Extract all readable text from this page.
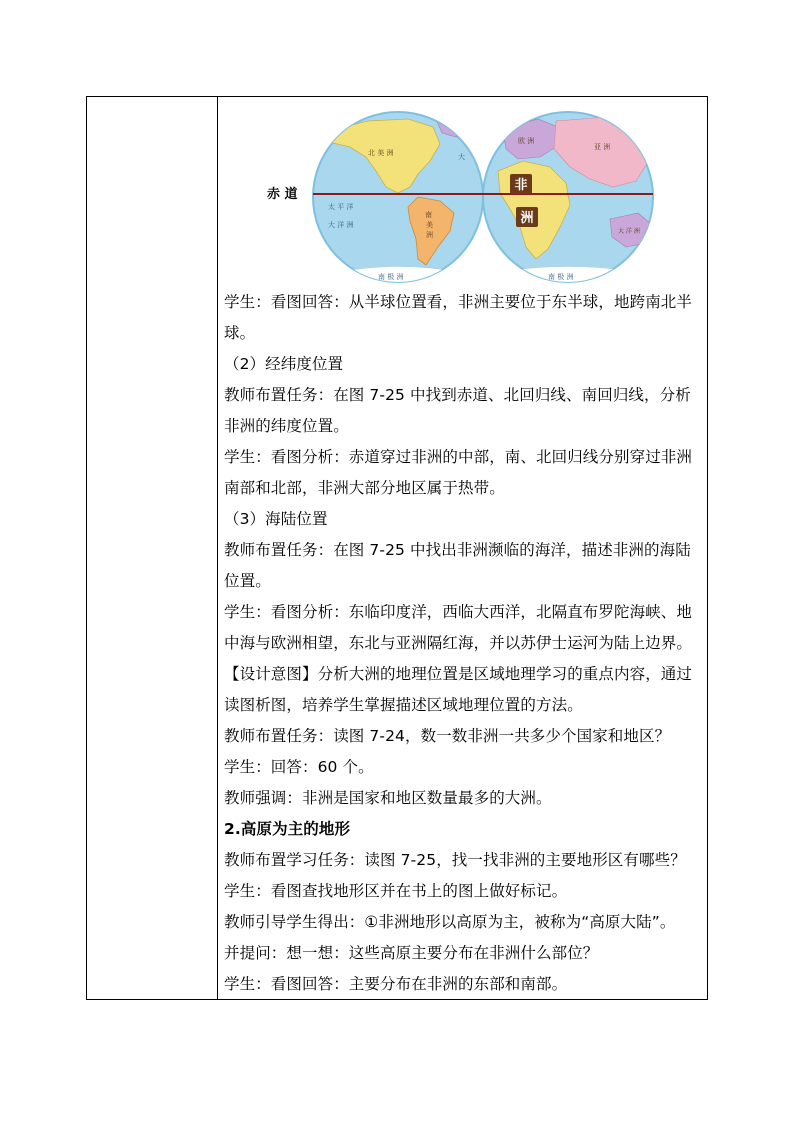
北 美 洲
南
美
洲
太 平 洋
大 洋 洲
大
南 极 洲
欧 洲
亚 洲
大 洋 洲
南 极 洲
赤 道
非
洲
学生：看图回答：从半球位置看，非洲主要位于东半球，地跨南北半
球。
（2）经纬度位置
教师布置任务：在图 7-25 中找到赤道、北回归线、南回归线，分析
非洲的纬度位置。
学生：看图分析：赤道穿过非洲的中部，南、北回归线分别穿过非洲
南部和北部，非洲大部分地区属于热带。
（3）海陆位置
教师布置任务：在图 7-25 中找出非洲濒临的海洋，描述非洲的海陆
位置。
学生：看图分析：东临印度洋，西临大西洋，北隔直布罗陀海峡、地
中海与欧洲相望，东北与亚洲隔红海，并以苏伊士运河为陆上边界。
【设计意图】分析大洲的地理位置是区域地理学习的重点内容，通过
读图析图，培养学生掌握描述区域地理位置的方法。
教师布置任务：读图 7-24，数一数非洲一共多少个国家和地区？
学生：回答：60 个。
教师强调：非洲是国家和地区数量最多的大洲。
2.高原为主的地形
教师布置学习任务：读图 7-25，找一找非洲的主要地形区有哪些？
学生：看图查找地形区并在书上的图上做好标记。
教师引导学生得出：①非洲地形以高原为主，被称为“高原大陆”。
并提问：想一想：这些高原主要分布在非洲什么部位？
学生：看图回答：主要分布在非洲的东部和南部。
